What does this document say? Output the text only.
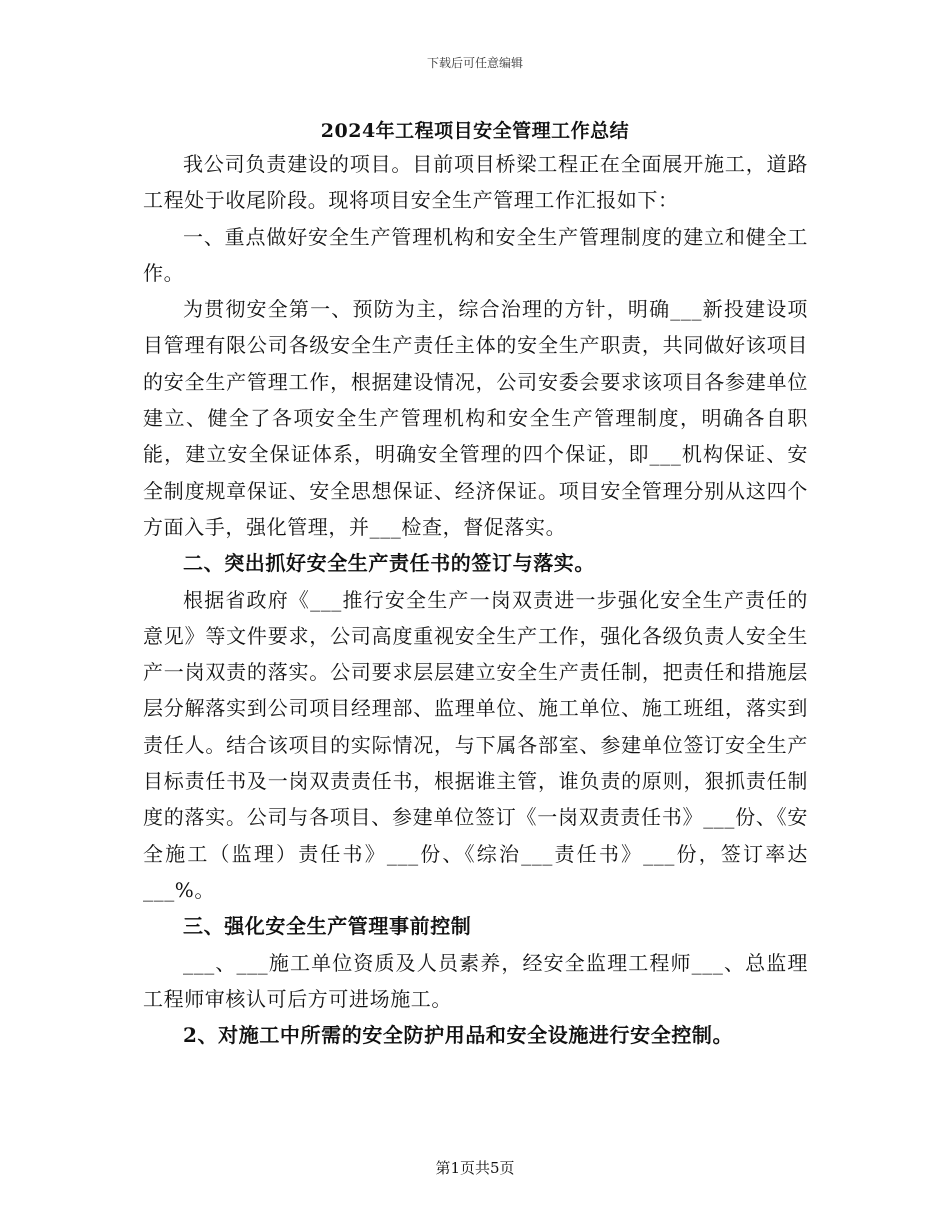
下载后可任意编辑
2024年工程项目安全管理工作总结

我公司负责建设的项目。目前项目桥梁工程正在全面展开施工，道路工程处于收尾阶段。现将项目安全生产管理工作汇报如下：

一、重点做好安全生产管理机构和安全生产管理制度的建立和健全工作。

为贯彻安全第一、预防为主，综合治理的方针，明确___新投建设项目管理有限公司各级安全生产责任主体的安全生产职责，共同做好该项目的安全生产管理工作，根据建设情况，公司安委会要求该项目各参建单位建立、健全了各项安全生产管理机构和安全生产管理制度，明确各自职能，建立安全保证体系，明确安全管理的四个保证，即___机构保证、安全制度规章保证、安全思想保证、经济保证。项目安全管理分别从这四个方面入手，强化管理，并___检查，督促落实。

二、突出抓好安全生产责任书的签订与落实。

根据省政府《___推行安全生产一岗双责进一步强化安全生产责任的意见》等文件要求，公司高度重视安全生产工作，强化各级负责人安全生产一岗双责的落实。公司要求层层建立安全生产责任制，把责任和措施层层分解落实到公司项目经理部、监理单位、施工单位、施工班组，落实到责任人。结合该项目的实际情况，与下属各部室、参建单位签订安全生产目标责任书及一岗双责责任书，根据谁主管，谁负责的原则，狠抓责任制度的落实。公司与各项目、参建单位签订《一岗双责责任书》___份、《安全施工（监理）责任书》___份、《综治___责任书》___份，签订率达___%。

三、强化安全生产管理事前控制

___、___施工单位资质及人员素养，经安全监理工程师___、总监理工程师审核认可后方可进场施工。

2、对施工中所需的安全防护用品和安全设施进行安全控制。

第1页共5页
